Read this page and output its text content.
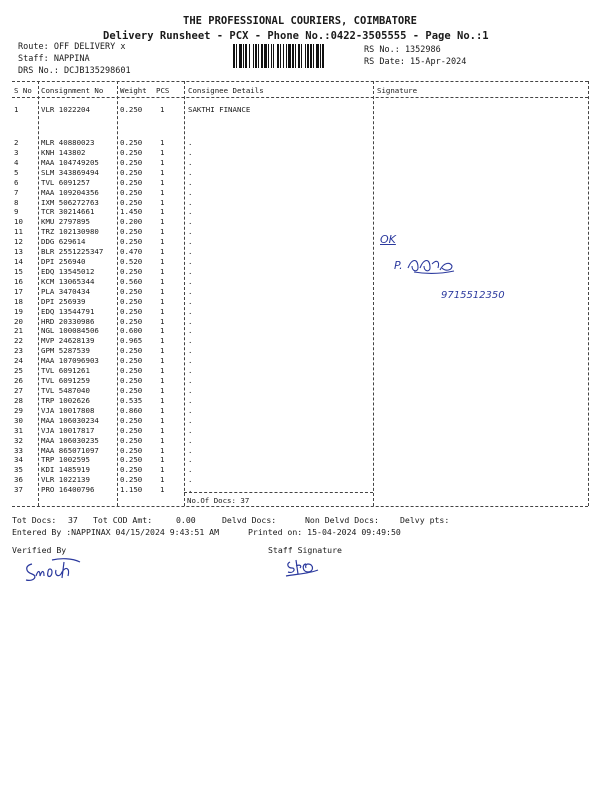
THE PROFESSIONAL COURIERS, COIMBATORE
Delivery Runsheet - PCX - Phone No.:0422-3505555 - Page No.:1
Route: OFF DELIVERY x
Staff: NAPPINA
DRS No.: DCJB135298601
RS No.: 1352986
RS Date: 15-Apr-2024
S No Consignment No Weight PCS	Consignee Details	Signature
1	VLR 1022204	0.250 1	SAKTHI FINANCE
2	MLR 40880023	0.250 1	.
3	KNH 143802	0.250 1	.
4	MAA 104749205	0.250 1	.
5	SLM 343869494	0.250 1	.
6	TVL 6091257	0.250 1	.
7	MAA 109204356	0.250 1	.
8	IXM 506272763	0.250 1	.
9	TCR 30214661	1.450 1	.
10 KMU 2797895	0.200 1	.
11 TRZ 102130980	0.250 1	.
12 DDG 629614	0.250 1	.
13 BLR 2551225347 0.470 1	.
14 DPI 256940	0.520 1	.
15 EDQ 13545012	0.250 1	.
16 KCM 13065344	0.560 1	.
17 PLA 3470434	0.250 1	.
18 DPI 256939	0.250 1	.
19 EDQ 13544791	0.250 1	.
20 HRD 20330986	0.250 1	.
21 NGL 100084506	0.600 1	.
22 MVP 24628139	0.965 1	.
23 GPM 5287539	0.250 1	.
24 MAA 107096903	0.250 1	.
25 TVL 6091261	0.250 1	.
26 TVL 6091259	0.250 1	.
27 TVL 5487040	0.250 1	.
28 TRP 1002626	0.535 1	.
29 VJA 10017808	0.860 1	.
30 MAA 106030234	0.250 1	.
31 VJA 10017817	0.250 1	.
32 MAA 106030235	0.250 1	.
33 MAA 865071097	0.250 1	.
34 TRP 1002595	0.250 1	.
35 KDI 1485919	0.250 1	.
36 VLR 1022139	0.250 1	.
37 PRO 16400796	1.150 1	.
No.Of Docs: 37
Tot Docs: 37 Tot COD Amt:	0.00	Delvd Docs:	Non Delvd Docs:	Delvy pts:
Entered By :NAPPINAX 04/15/2024 9:43:51 AM	Printed on: 15-04-2024 09:49:50
Verified By	Staff Signature
OK
P.
9715512350
